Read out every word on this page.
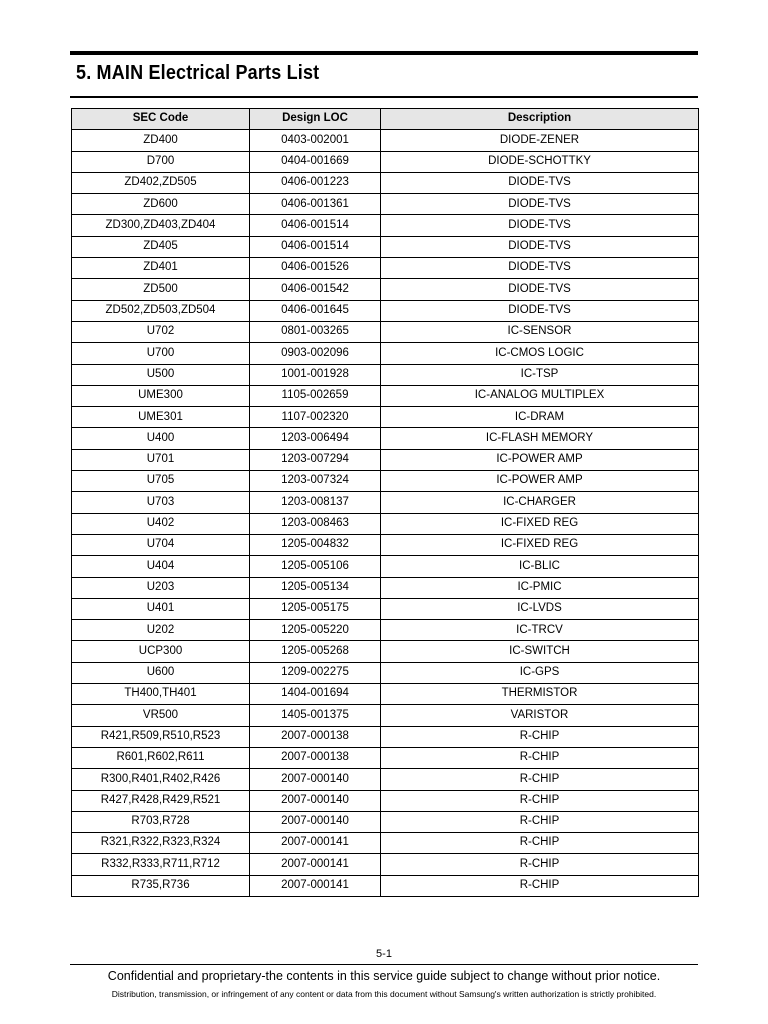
5. MAIN Electrical Parts List
SEC Code	Design LOC	Description
ZD400	0403-002001	DIODE-ZENER
D700	0404-001669	DIODE-SCHOTTKY
ZD402,ZD505	0406-001223	DIODE-TVS
ZD600	0406-001361	DIODE-TVS
ZD300,ZD403,ZD404	0406-001514	DIODE-TVS
ZD405	0406-001514	DIODE-TVS
ZD401	0406-001526	DIODE-TVS
ZD500	0406-001542	DIODE-TVS
ZD502,ZD503,ZD504	0406-001645	DIODE-TVS
U702	0801-003265	IC-SENSOR
U700	0903-002096	IC-CMOS LOGIC
U500	1001-001928	IC-TSP
UME300	1105-002659	IC-ANALOG MULTIPLEX
UME301	1107-002320	IC-DRAM
U400	1203-006494	IC-FLASH MEMORY
U701	1203-007294	IC-POWER AMP
U705	1203-007324	IC-POWER AMP
U703	1203-008137	IC-CHARGER
U402	1203-008463	IC-FIXED REG
U704	1205-004832	IC-FIXED REG
U404	1205-005106	IC-BLIC
U203	1205-005134	IC-PMIC
U401	1205-005175	IC-LVDS
U202	1205-005220	IC-TRCV
UCP300	1205-005268	IC-SWITCH
U600	1209-002275	IC-GPS
TH400,TH401	1404-001694	THERMISTOR
VR500	1405-001375	VARISTOR
R421,R509,R510,R523	2007-000138	R-CHIP
R601,R602,R611	2007-000138	R-CHIP
R300,R401,R402,R426	2007-000140	R-CHIP
R427,R428,R429,R521	2007-000140	R-CHIP
R703,R728	2007-000140	R-CHIP
R321,R322,R323,R324	2007-000141	R-CHIP
R332,R333,R711,R712	2007-000141	R-CHIP
R735,R736	2007-000141	R-CHIP
5-1
Confidential and proprietary-the contents in this service guide subject to change without prior notice.
Distribution, transmission, or infringement of any content or data from this document without Samsung's written authorization is strictly prohibited.
